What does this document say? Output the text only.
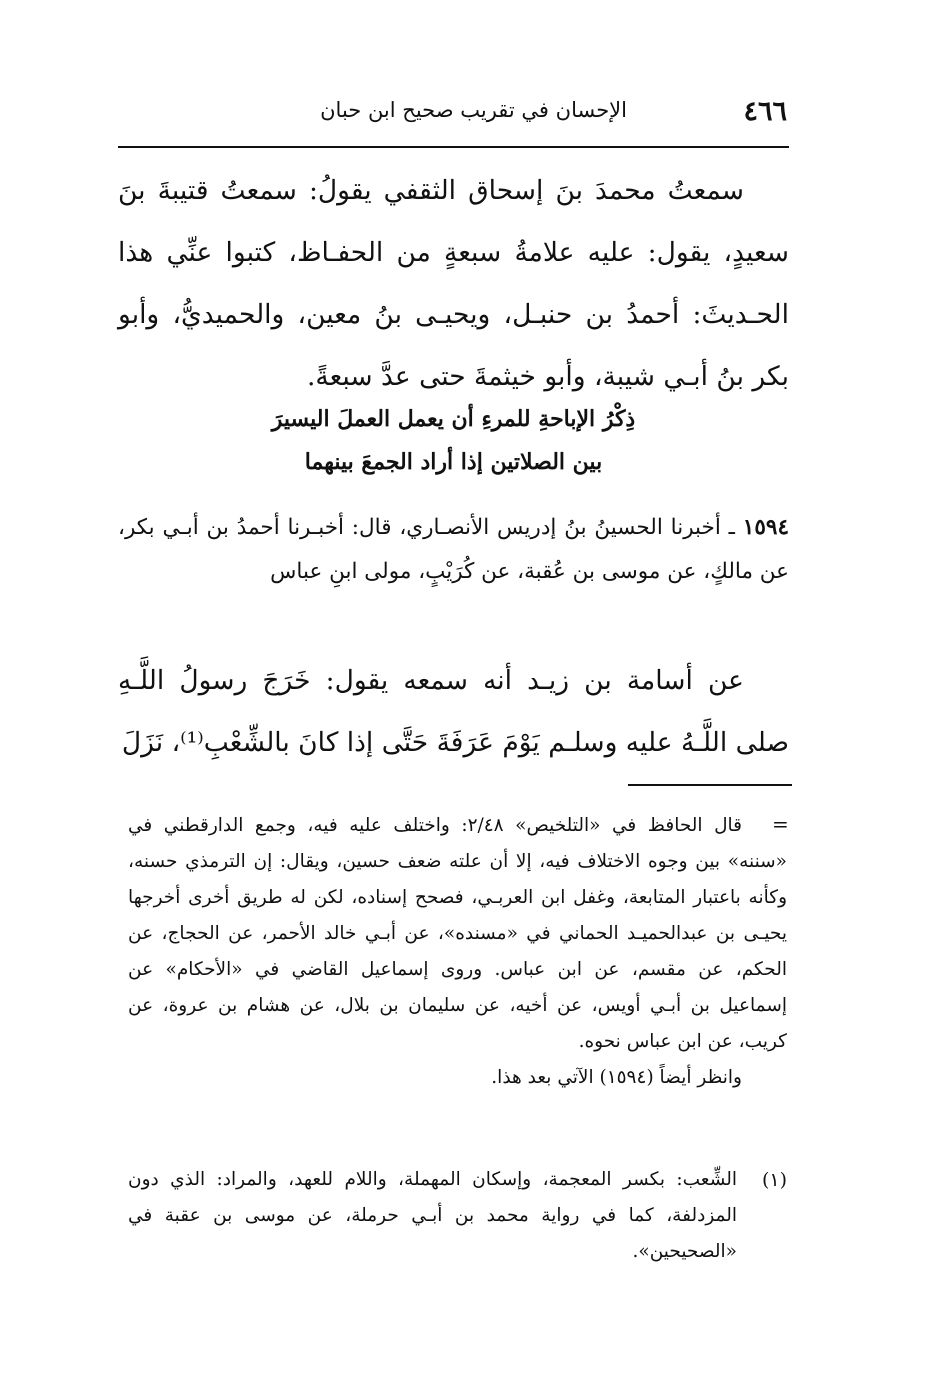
٤٦٦
الإحسان في تقريب صحيح ابن حبان
سمعتُ محمدَ بنَ إسحاق الثقفي يقولُ: سمعتُ قتيبةَ بنَ سعيدٍ، يقول: عليه علامةُ سبعةٍ من الحفـاظ، كتبوا عنِّي هذا الحـديثَ: أحمدُ بن حنبـل، ويحيـى بنُ معين، والحميديُّ، وأبو بكر بنُ أبـي شيبة، وأبو خيثمةَ حتى عدَّ سبعةً.
ذِكْرُ الإباحةِ للمرءِ أن يعمل العملَ اليسيرَ
بين الصلاتين إذا أراد الجمعَ بينهما
١٥٩٤ ـ أخبرنا الحسينُ بنُ إدريس الأنصـاري، قال: أخبـرنا أحمدُ بن أبـي بكر، عن مالكٍ، عن موسى بن عُقبة، عن كُرَيْبٍ، مولى ابنِ عباس
عن أسامة بن زيـد أنه سمعه يقول: خَرَجَ رسولُ اللَّـهِ صلى اللَّـهُ عليه وسلـم يَوْمَ عَرَفَةَ حَتَّى إذا كانَ بالشِّعْبِ⁽¹⁾، نَزَلَ
=
قال الحافظ في «التلخيص» ٢/٤٨: واختلف عليه فيه، وجمع الدارقطني في «سننه» بين وجوه الاختلاف فيه، إلا أن علته ضعف حسين، ويقال: إن الترمذي حسنه، وكأنه باعتبار المتابعة، وغفل ابن العربـي، فصحح إسناده، لكن له طريق أخرى أخرجها يحيـى بن عبدالحميـد الحماني في «مسنده»، عن أبـي خالد الأحمر، عن الحجاج، عن الحكم، عن مقسم، عن ابن عباس. وروى إسماعيل القاضي في «الأحكام» عن إسماعيل بن أبـي أويس، عن أخيه، عن سليمان بن بلال، عن هشام بن عروة، عن كريب، عن ابن عباس نحوه.
وانظر أيضاً (١٥٩٤) الآتي بعد هذا.
(١)
الشِّعب: بكسر المعجمة، وإسكان المهملة، واللام للعهد، والمراد: الذي دون المزدلفة، كما في رواية محمد بن أبـي حرملة، عن موسى بن عقبة في «الصحيحين».
